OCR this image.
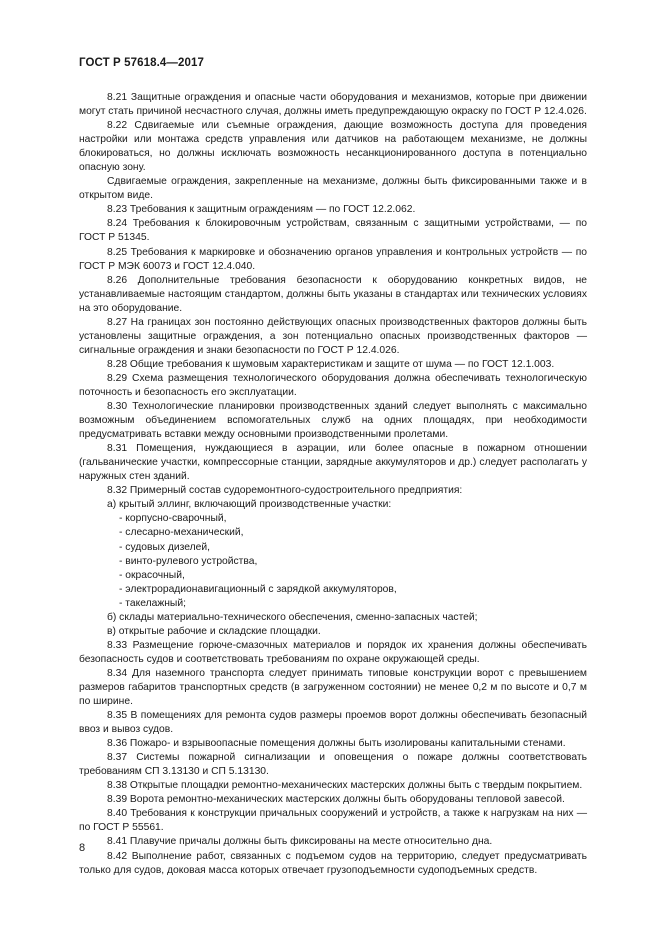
ГОСТ Р 57618.4—2017

8.21 Защитные ограждения и опасные части оборудования и механизмов, которые при движении могут стать причиной несчастного случая, должны иметь предупреждающую окраску по ГОСТ Р 12.4.026.

8.22 Сдвигаемые или съемные ограждения, дающие возможность доступа для проведения настройки или монтажа средств управления или датчиков на работающем механизме, не должны блокироваться, но должны исключать возможность несанкционированного доступа в потенциально опасную зону.

Сдвигаемые ограждения, закрепленные на механизме, должны быть фиксированными также и в открытом виде.

8.23 Требования к защитным ограждениям — по ГОСТ 12.2.062.

8.24 Требования к блокировочным устройствам, связанным с защитными устройствами, — по ГОСТ Р 51345.

8.25 Требования к маркировке и обозначению органов управления и контрольных устройств — по ГОСТ Р МЭК 60073 и ГОСТ 12.4.040.

8.26 Дополнительные требования безопасности к оборудованию конкретных видов, не устанавливаемые настоящим стандартом, должны быть указаны в стандартах или технических условиях на это оборудование.

8.27 На границах зон постоянно действующих опасных производственных факторов должны быть установлены защитные ограждения, а зон потенциально опасных производственных факторов — сигнальные ограждения и знаки безопасности по ГОСТ Р 12.4.026.

8.28 Общие требования к шумовым характеристикам и защите от шума — по ГОСТ 12.1.003.

8.29 Схема размещения технологического оборудования должна обеспечивать технологическую поточность и безопасность его эксплуатации.

8.30 Технологические планировки производственных зданий следует выполнять с максимально возможным объединением вспомогательных служб на одних площадях, при необходимости предусматривать вставки между основными производственными пролетами.

8.31 Помещения, нуждающиеся в аэрации, или более опасные в пожарном отношении (гальванические участки, компрессорные станции, зарядные аккумуляторов и др.) следует располагать у наружных стен зданий.

8.32 Примерный состав судоремонтного-судостроительного предприятия:

а) крытый эллинг, включающий производственные участки:

- корпусно-сварочный,

- слесарно-механический,

- судовых дизелей,

- винто-рулевого устройства,

- окрасочный,

- электрорадионавигационный с зарядкой аккумуляторов,

- такелажный;

б) склады материально-технического обеспечения, сменно-запасных частей;

в) открытые рабочие и складские площадки.

8.33 Размещение горюче-смазочных материалов и порядок их хранения должны обеспечивать безопасность судов и соответствовать требованиям по охране окружающей среды.

8.34 Для наземного транспорта следует принимать типовые конструкции ворот с превышением размеров габаритов транспортных средств (в загруженном состоянии) не менее 0,2 м по высоте и 0,7 м по ширине.

8.35 В помещениях для ремонта судов размеры проемов ворот должны обеспечивать безопасный ввоз и вывоз судов.

8.36 Пожаро- и взрывоопасные помещения должны быть изолированы капитальными стенами.

8.37 Системы пожарной сигнализации и оповещения о пожаре должны соответствовать требованиям СП 3.13130 и СП 5.13130.

8.38 Открытые площадки ремонтно-механических мастерских должны быть с твердым покрытием.

8.39 Ворота ремонтно-механических мастерских должны быть оборудованы тепловой завесой.

8.40 Требования к конструкции причальных сооружений и устройств, а также к нагрузкам на них — по ГОСТ Р 55561.

8.41 Плавучие причалы должны быть фиксированы на месте относительно дна.

8.42 Выполнение работ, связанных с подъемом судов на территорию, следует предусматривать только для судов, доковая масса которых отвечает грузоподъемности судоподъемных средств.

8
